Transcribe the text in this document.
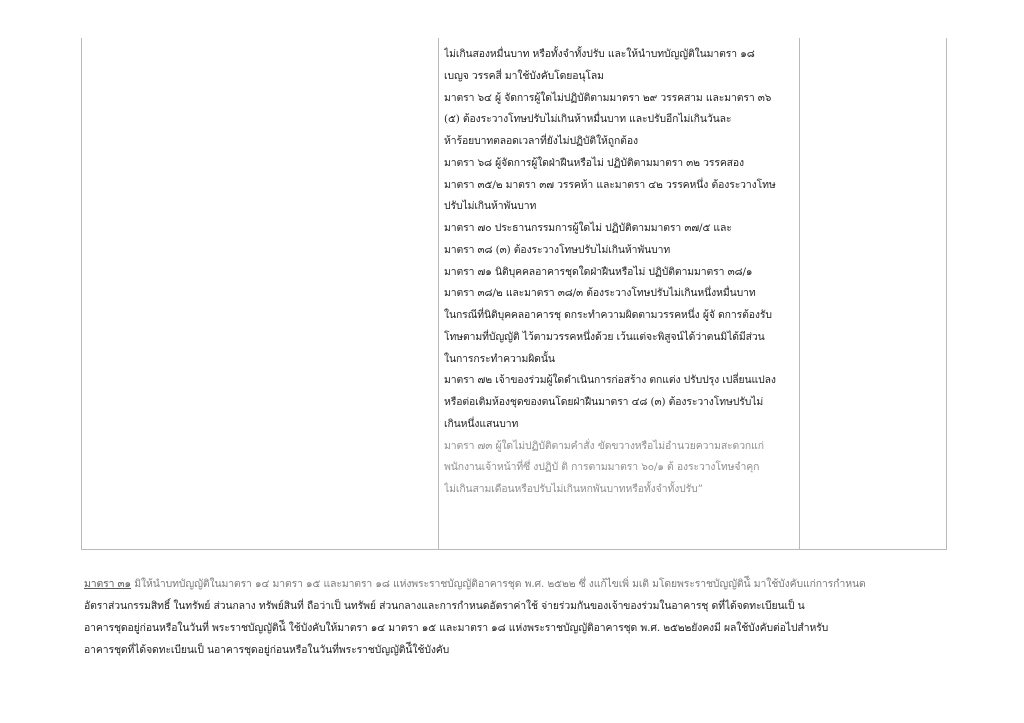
ไม่เกินสองหมื่นบาท หรือทั้งจำทั้งปรับ และให้นำบทบัญญัติในมาตรา ๑๘
เบญจ วรรคสี่ มาใช้บังคับโดยอนุโลม
มาตรา ๖๔ ผู้ จัดการผู้ใดไม่ปฏิบัติตามมาตรา ๒๙ วรรคสาม และมาตรา ๓๖
(๕) ต้องระวางโทษปรับไม่เกินห้าหมื่นบาท และปรับอีกไม่เกินวันละ
ห้าร้อยบาทตลอดเวลาที่ยังไม่ปฏิบัติให้ถูกต้อง
มาตรา ๖๘ ผู้จัดการผู้ใดฝ่าฝืนหรือไม่ ปฏิบัติตามมาตรา ๓๒ วรรคสอง
มาตรา ๓๕/๒ มาตรา ๓๗ วรรคห้า และมาตรา ๔๒ วรรคหนึ่ง ต้องระวางโทษ
ปรับไม่เกินห้าพันบาท
มาตรา ๗๐ ประธานกรรมการผู้ใดไม่ ปฏิบัติตามมาตรา ๓๗/๕ และ
มาตรา ๓๘ (๓) ต้องระวางโทษปรับไม่เกินห้าพันบาท
มาตรา ๗๑ นิติบุคคลอาคารชุดใดฝ่าฝืนหรือไม่ ปฏิบัติตามมาตรา ๓๘/๑
มาตรา ๓๘/๒ และมาตรา ๓๘/๓ ต้องระวางโทษปรับไม่เกินหนึ่งหมื่นบาท
ในกรณีที่นิติบุคคลอาคารชุ ดกระทำความผิดตามวรรคหนึ่ง ผู้จั ดการต้องรับ
โทษตามที่บัญญัติ ไว้ตามวรรคหนึ่งด้วย เว้นแต่จะพิสูจน์ได้ว่าตนมิได้มีส่วน
ในการกระทำความผิดนั้น
มาตรา ๗๒ เจ้าของร่วมผู้ใดดำเนินการก่อสร้าง ตกแต่ง ปรับปรุง เปลี่ยนแปลง
หรือต่อเติมห้องชุดของตนโดยฝ่าฝืนมาตรา ๔๘ (๓) ต้องระวางโทษปรับไม่
เกินหนึ่งแสนบาท
มาตรา ๗๓ ผู้ใดไม่ปฏิบัติตามคำสั่ง ขัดขวางหรือไม่อำนวยความสะดวกแก่
พนักงานเจ้าหน้าที่ซึ่ งปฏิบั ติ การตามมาตรา ๖๐/๑ ต้ องระวางโทษจำคุก
ไม่เกินสามเดือนหรือปรับไม่เกินหกพันบาทหรือทั้งจำทั้งปรับ”
มาตรา ๓๑ มิให้นำบทบัญญัติในมาตรา ๑๔ มาตรา ๑๕ และมาตรา ๑๘ แห่งพระราชบัญญัติอาคารชุด พ.ศ. ๒๕๒๒ ซึ่ งแก้ไขเพิ่ มเติ มโดยพระราชบัญญัติน้ี มาใช้บังคับแก่การกำหนด
อัตราส่วนกรรมสิทธิ์ ในทรัพย์ ส่วนกลาง ทรัพย์สินที่ ถือว่าเป็ นทรัพย์ ส่วนกลางและการกำหนดอัตราค่าใช้ จ่ายร่วมกันของเจ้าของร่วมในอาคารชุ ดที่ได้จดทะเบียนเป็ น
อาคารชุดอยู่ก่อนหรือในวันที่ พระราชบัญญัติน้ี ใช้บังคับให้มาตรา ๑๔ มาตรา ๑๕ และมาตรา ๑๘ แห่งพระราชบัญญัติอาคารชุด พ.ศ. ๒๕๒๒ยังคงมี ผลใช้บังคับต่อไปสำหรับ
อาคารชุดที่ได้จดทะเบียนเป็ นอาคารชุดอยู่ก่อนหรือในวันที่พระราชบัญญัติน้ีใช้บังคับ
